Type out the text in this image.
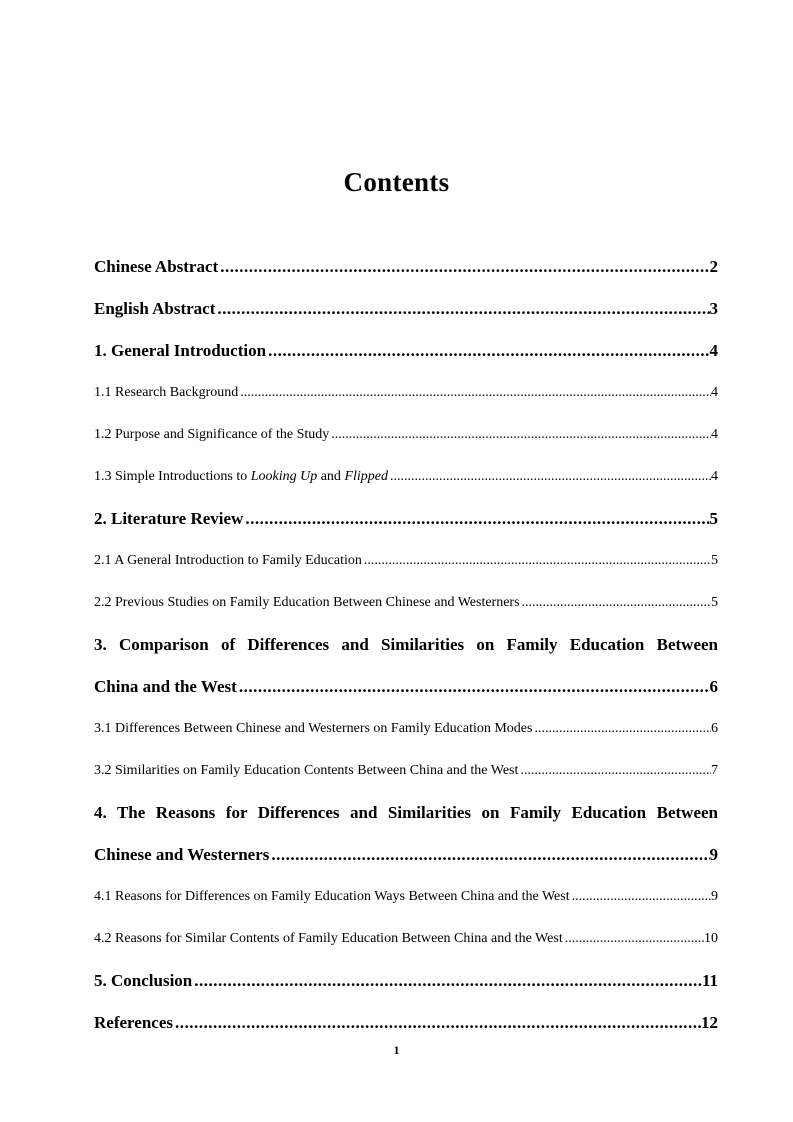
Contents
Chinese Abstract .....	2
English Abstract .....	3
1. General Introduction .....	4
1.1 Research Background .....	4
1.2 Purpose and Significance of the Study .....	4
1.3 Simple Introductions to Looking Up and Flipped .....	4
2. Literature Review .....	5
2.1 A General Introduction to Family Education .....	5
2.2 Previous Studies on Family Education Between Chinese and Westerners .....	5
3. Comparison of Differences and Similarities on Family Education Between
China and the West .....	6
3.1 Differences Between Chinese and Westerners on Family Education Modes .....	6
3.2 Similarities on Family Education Contents Between China and the West .....	7
4. The Reasons for Differences and Similarities on Family Education Between
Chinese and Westerners .....	9
4.1 Reasons for Differences on Family Education Ways Between China and the West .....	9
4.2 Reasons for Similar Contents of Family Education Between China and the West .....	10
5. Conclusion .....	11
References .....	12
1
